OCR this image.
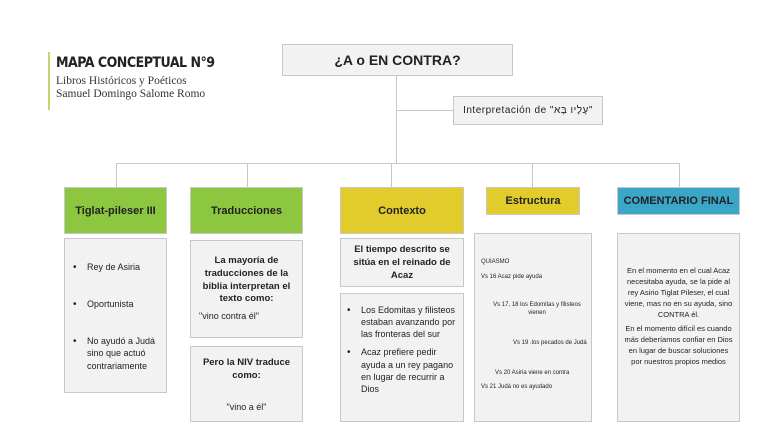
MAPA CONCEPTUAL N°9
Libros Históricos y Poéticos
Samuel Domingo Salome Romo
¿A o EN CONTRA?
Interpretación de "עָלָיו בָּא"
Tiglat-pileser III
• Rey de Asiria
• Oportunista
• No ayudó a Judá sino que actuó contrariamente
Traducciones
La mayoría de traducciones de la biblia interpretan el texto como:
"vino contra él"
Pero la NIV traduce como:
"vino a él"
Contexto
El tiempo descrito se sitúa en el reinado de Acaz
• Los Edomitas y filisteos estaban avanzando por las fronteras del sur
• Acaz prefiere pedir ayuda a un rey pagano en lugar de recurrir a Dios
Estructura
QUIASMO
Vs 16 Acaz pide ayuda
Vs 17, 18 los Edomitas y filisteos vienen
Vs 19 .los pecados de Judá
Vs 20 Asiria viene en contra
Vs 21 Judá no es ayudado
COMENTARIO FINAL
En el momento en el cual Acaz necesitaba ayuda, se la pide al rey Asirio Tiglat Pileser, el cual viene, mas no en su ayuda, sino CONTRA él.
En el momento difícil es cuando más deberíamos confiar en Dios en lugar de buscar soluciones por nuestros propios medios
